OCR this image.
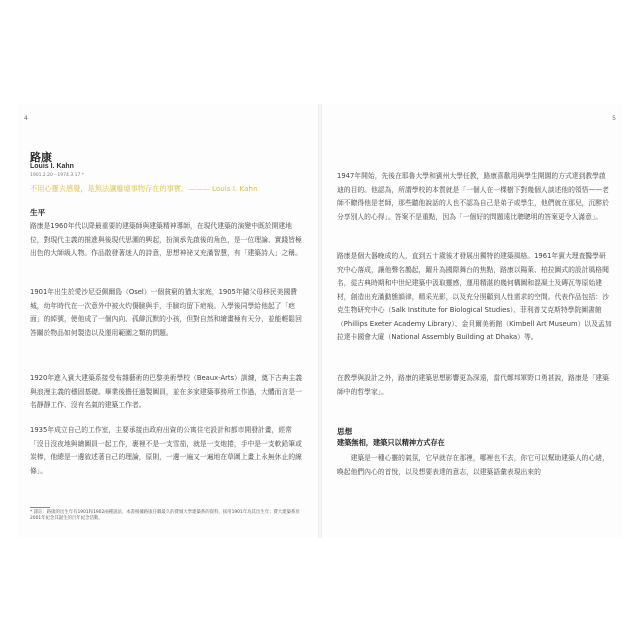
4
路康
Louis I. Kahn
1901.2.20－1974.3.17 *
不用心靈去感覺，是無法讓廢墟事物存在的事實。——— Louis I. Kahn
生平
路康是1960年代以降最重要的建築師與建築精神導師，在現代建築的演變中既於開建地位，對現代主義的推進與後現代思潮的興起，扮演承先啟後的角色，是一位理論、實踐皆極出色的大師級人物。作品散發著迷人的詩意，思想神祕又充滿智慧，有「建築詩人」之稱。
1901年出生於愛沙尼亞佩爾島（Osel）一個貧窮的猶太家庭，1905年隨父母移民美國費城，幼年時代在一次意外中被火灼傷臉與手，手臉均留下疤痕。入學後同學給他起了「疤面」的綽號，使他成了一個內向、孤僻沉默的小孩，但對自然和繪畫極有天分，並能輕鬆回答關於物品如何製造以及運用範圍之類的問題。
1920年進入賓大建築系接受布雜藝術的巴黎美術學校（Beaux-Arts）訓練，奠下古典主義與浪漫主義的穩固基礎。畢業後擔任過製圖員，並在多家建築事務所工作過，大體而言是一名靜靜工作、沒有名氣的建築工作者。
1935年成立自己的工作室，主要承接由政府出資的公寓住宅設計和都市開發計畫，經常「沒日沒夜地與繪圖員一起工作，裹裡不是一支雪茄，就是一支炮捲，手中是一支軟鉛筆或炭棒，他總是一邊敘述著自己的理論，原則，一邊一遍又一遍地在草圖上畫上永無休止的線條」。
* 譯註：路康的出生年有1901和1902兩種說法，本書根據路康任職最久的費城大學建築系的資料，採用1901年為其出生年；費大建築系於2001年紀念其誕生的百年紀念活動。
5
1947年開始，先後在耶魯大學和賓州大學任教，路康喜歡用與學生開闊的方式達到教學啟迪的目的。他認為，所謂學校的本質就是「一個人在一棵樹下對幾個人談述他的領悟——老師不瞭得他是老師，那些聽他說話的人也不認為自己是弟子或學生，他們就在那兒，沉醉於分享別人的心得」。答案不是重點，因為「一個好的問題遠比聰聰明的答案更令人滿意」。
路康是個大器晚成的人，直到五十歲後才發展出獨特的建築風格。1961年賓大理查醫學研究中心落成，讓他聲名鵲起，躍升為國際舞台的焦點，路康以陽萊、柏拉圖式的設計風格聞名，從古典時期和中世紀建築中汲取靈感，運用精湛的幾何構圖和混凝土及磚瓦等原始建材，創造出充滿動態韻律，精采光影，以及充分照顧到人性需求的空間。代表作品包括：沙克生物研究中心（Salk Institute for Biological Studies）、菲利普艾克斯特學院圖書館（Phillips Exeter Academy Library）、金貝爾美術館（Kimbell Art Museum）以及孟加拉達卡國會大廈（National Assembly Building at Dhaka）等。
在教學與設計之外，路康的建築思想影響更為深遠，當代鄭邦軍野口勇甚說，路康是「建築師中的哲學家」。
思想
建築無相，建築只以精神方式存在
　　建築是一種心靈的氣氛，它早就存在那裡，哪裡也不去，你它可以幫助建築人的心緒，喚起他們內心的首悅，以及想要表達的意志，以建築語彙表現出來的
